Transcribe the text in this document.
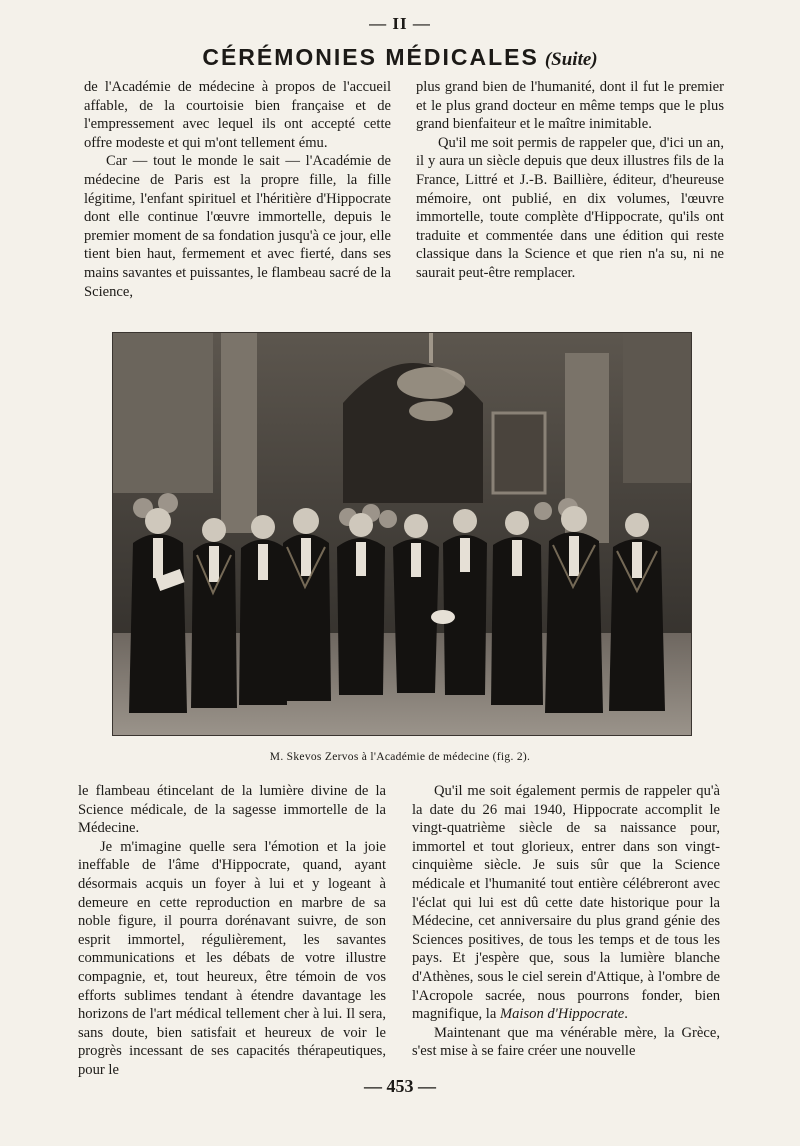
— II —
CÉRÉMONIES MÉDICALES (Suite)

de l'Académie de médecine à propos de l'accueil affable, de la courtoisie bien française et de l'empressement avec lequel ils ont accepté cette offre modeste et qui m'ont tellement ému.

Car — tout le monde le sait — l'Académie de médecine de Paris est la propre fille, la fille légitime, l'enfant spirituel et l'héritière d'Hippocrate dont elle continue l'œuvre immortelle, depuis le premier moment de sa fondation jusqu'à ce jour, elle tient bien haut, fermement et avec fierté, dans ses mains savantes et puissantes, le flambeau sacré de la Science,

plus grand bien de l'humanité, dont il fut le premier et le plus grand docteur en même temps que le plus grand bienfaiteur et le maître inimitable.

Qu'il me soit permis de rappeler que, d'ici un an, il y aura un siècle depuis que deux illustres fils de la France, Littré et J.-B. Baillière, éditeur, d'heureuse mémoire, ont publié, en dix volumes, l'œuvre immortelle, toute complète d'Hippocrate, qu'ils ont traduite et commentée dans une édition qui reste classique dans la Science et que rien n'a su, ni ne saurait peut-être remplacer.

M. Skevos Zervos à l'Académie de médecine (fig. 2).

le flambeau étincelant de la lumière divine de la Science médicale, de la sagesse immortelle de la Médecine.

Je m'imagine quelle sera l'émotion et la joie ineffable de l'âme d'Hippocrate, quand, ayant désormais acquis un foyer à lui et y logeant à demeure en cette reproduction en marbre de sa noble figure, il pourra dorénavant suivre, de son esprit immortel, régulièrement, les savantes communications et les débats de votre illustre compagnie, et, tout heureux, être témoin de vos efforts sublimes tendant à étendre davantage les horizons de l'art médical tellement cher à lui. Il sera, sans doute, bien satisfait et heureux de voir le progrès incessant de ses capacités thérapeutiques, pour le

Qu'il me soit également permis de rappeler qu'à la date du 26 mai 1940, Hippocrate accomplit le vingt-quatrième siècle de sa naissance pour, immortel et tout glorieux, entrer dans son vingt-cinquième siècle. Je suis sûr que la Science médicale et l'humanité tout entière célébreront avec l'éclat qui lui est dû cette date historique pour la Médecine, cet anniversaire du plus grand génie des Sciences positives, de tous les temps et de tous les pays. Et j'espère que, sous la lumière blanche d'Athènes, sous le ciel serein d'Attique, à l'ombre de l'Acropole sacrée, nous pourrons fonder, bien magnifique, la Maison d'Hippocrate.

Maintenant que ma vénérable mère, la Grèce, s'est mise à se faire créer une nouvelle

— 453 —
